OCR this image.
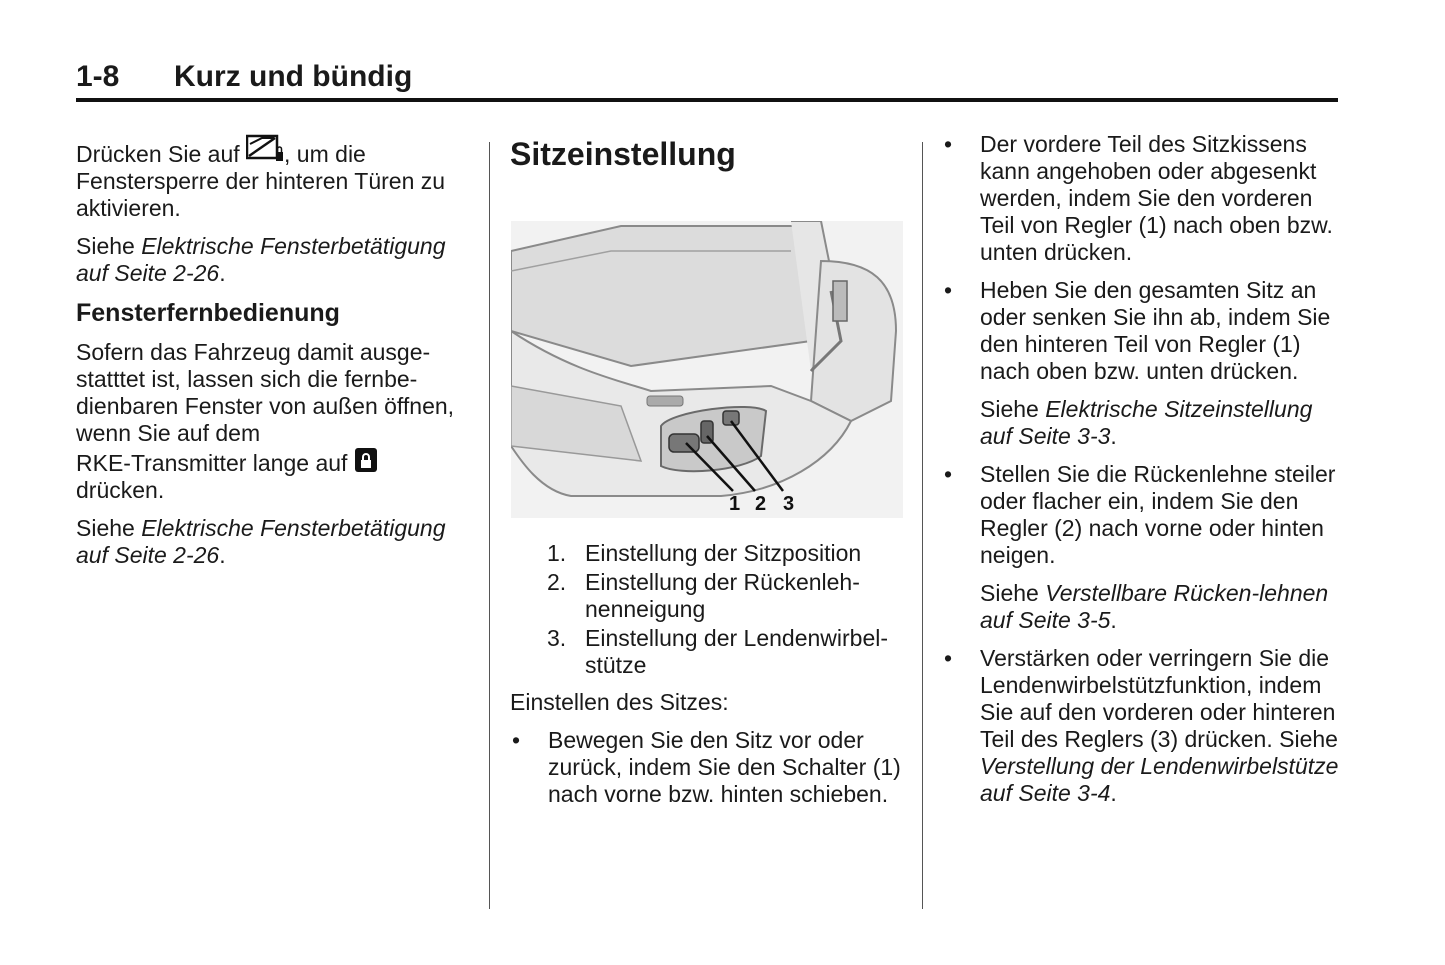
1-8 Kurz und bündig

Drücken Sie auf , um die Fenstersperre der hinteren Türen zu aktivieren.

Siehe Elektrische Fensterbetätigung auf Seite 2-26.

Fensterfernbedienung

Sofern das Fahrzeug damit ausge-statttet ist, lassen sich die fernbe-dienbaren Fenster von außen öffnen, wenn Sie auf dem
RKE-Transmitter lange auf
drücken.

Siehe Elektrische Fensterbetätigung auf Seite 2-26.

Sitzeinstellung
1 2 3
1. Einstellung der Sitzposition
2. Einstellung der Rückenleh-nenneigung
3. Einstellung der Lendenwirbel-stütze

Einstellen des Sitzes:

• Bewegen Sie den Sitz vor oder zurück, indem Sie den Schalter (1) nach vorne bzw. hinten schieben.
• Der vordere Teil des Sitzkissens kann angehoben oder abgesenkt werden, indem Sie den vorderen Teil von Regler (1) nach oben bzw. unten drücken.
• Heben Sie den gesamten Sitz an oder senken Sie ihn ab, indem Sie den hinteren Teil von Regler (1) nach oben bzw. unten drücken.

Siehe Elektrische Sitzeinstellung auf Seite 3-3.

• Stellen Sie die Rückenlehne steiler oder flacher ein, indem Sie den Regler (2) nach vorne oder hinten neigen.

Siehe Verstellbare Rücken-lehnen auf Seite 3-5.

• Verstärken oder verringern Sie die Lendenwirbelstützfunktion, indem Sie auf den vorderen oder hinteren Teil des Reglers (3) drücken. Siehe Verstellung der Lendenwirbelstütze auf Seite 3-4.
